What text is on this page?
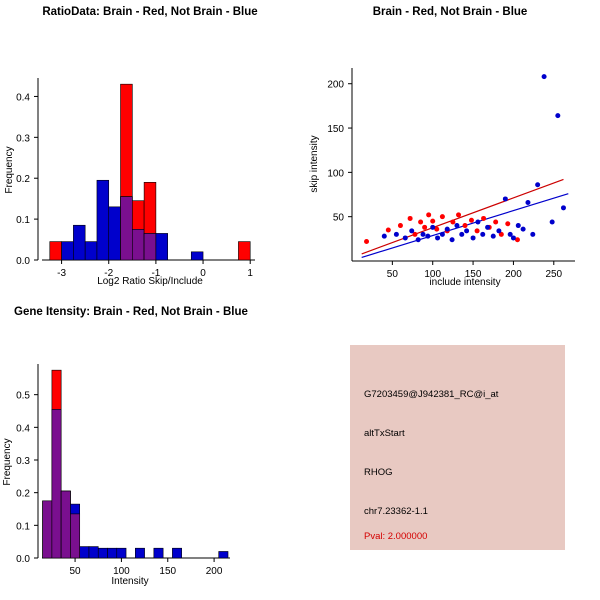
RatioData: Brain - Red, Not Brain - Blue
-3	-2	-1	0	1
0.0
0.1
0.2
0.3
0.4
Log2 Ratio Skip/Include
Frequency
Brain - Red, Not Brain - Blue
50	100 150 200 250
50
100
150
200
include intensity
skip intensity
Gene Itensity: Brain - Red, Not Brain - Blue
50	100	150	200
0.0
0.1
0.2
0.3
0.4
0.5
Intensity
Frequency
G7203459@J942381_RC@i_at
altTxStart
RHOG
chr7.23362-1.1
Pval: 2.000000
